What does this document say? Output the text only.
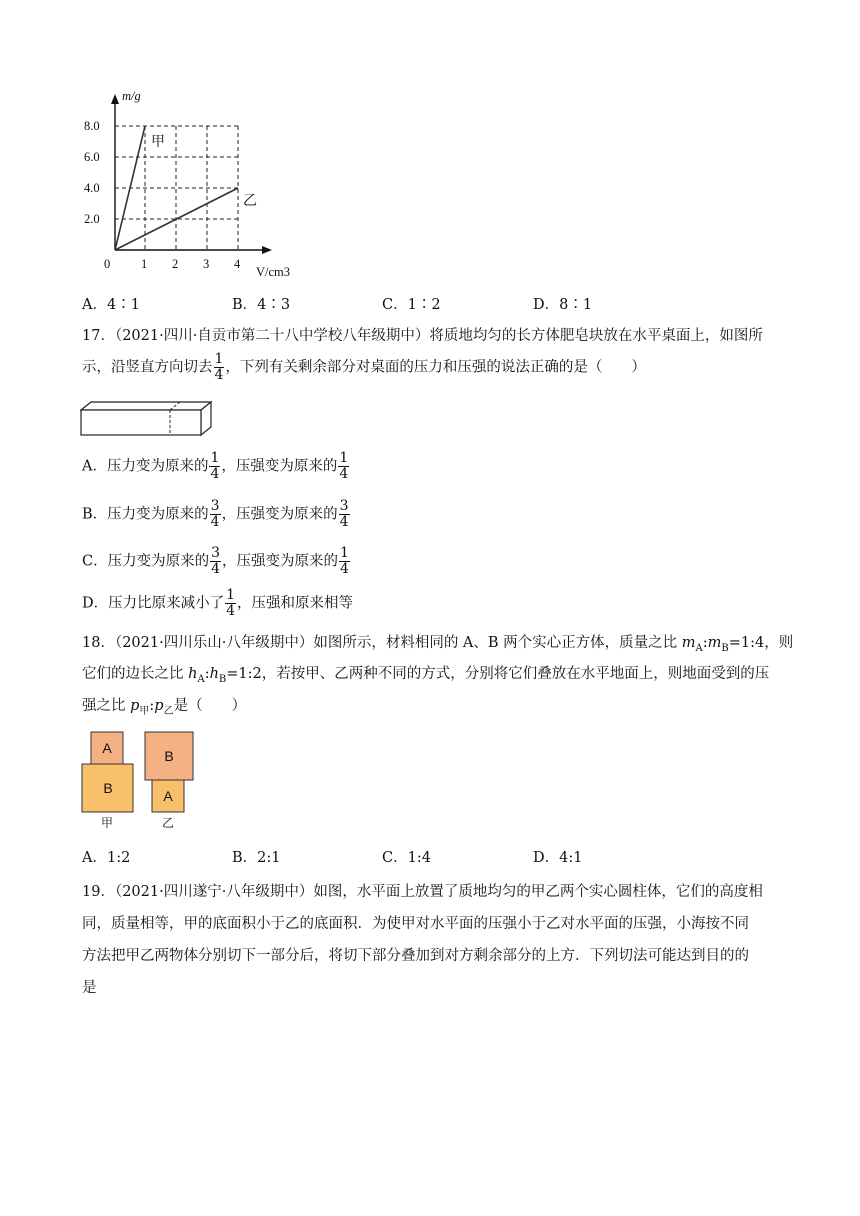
8.0
6.0
4.0
2.0
0 1 2 3 4
m/g
V/cm3
甲
乙
A．4∶1	B．4∶3	C．1∶2	D．8∶1
17．（2021·四川·自贡市第二十八中学校八年级期中）将质地均匀的长方体肥皂块放在水平桌面上，如图所
示，沿竖直方向切去 $\frac{1}{4}$ ，下列有关剩余部分对桌面的压力和压强的说法正确的是（　　）
A．压力变为原来的 $\frac{1}{4}$ ，压强变为原来的 $\frac{1}{4}$
B．压力变为原来的 $\frac{3}{4}$ ，压强变为原来的 $\frac{3}{4}$
C．压力变为原来的 $\frac{3}{4}$ ，压强变为原来的 $\frac{1}{4}$
D．压力比原来减小了 $\frac{1}{4}$ ，压强和原来相等
18．（2021·四川乐山·八年级期中）如图所示，材料相同的 A、B 两个实心正方体，质量之比 $m_A:m_B=1:4$，则
它们的边长之比 $h_A:h_B=1:2$，若按甲、乙两种不同的方式，分别将它们叠放在水平地面上，则地面受到的压
强之比 $p_甲:p_乙$是（　　）
A
B
B
A
甲	乙
A．1:2	B．2:1	C．1:4	D．4:1
19．（2021·四川遂宁·八年级期中）如图，水平面上放置了质地均匀的甲乙两个实心圆柱体，它们的高度相
同，质量相等，甲的底面积小于乙的底面积．为使甲对水平面的压强小于乙对水平面的压强，小海按不同
方法把甲乙两物体分别切下一部分后，将切下部分叠加到对方剩余部分的上方．下列切法可能达到目的的
是
